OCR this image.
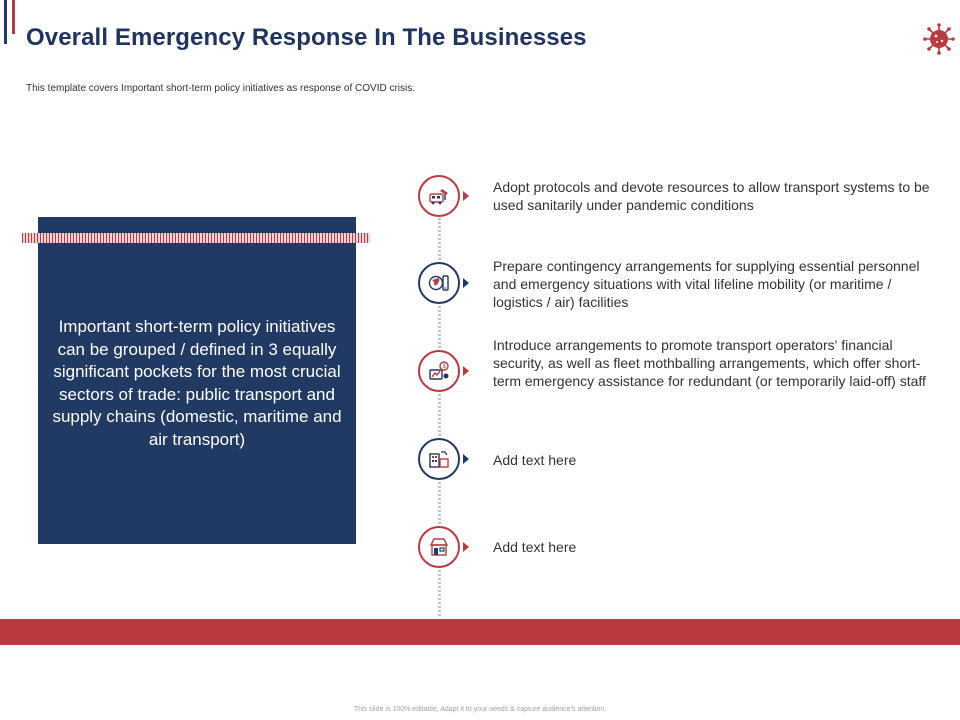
Overall Emergency Response In The Businesses
This template covers Important short-term policy initiatives as response of COVID crisis.
Important short-term policy initiatives can be grouped / defined in 3 equally significant pockets for the most crucial sectors of trade: public transport and supply chains (domestic, maritime and air transport)
Adopt protocols and devote resources to allow transport systems to be used sanitarily under pandemic conditions
Prepare contingency arrangements for supplying essential personnel and emergency situations with vital lifeline mobility (or maritime / logistics / air) facilities
$
Introduce arrangements to promote transport operators' financial security, as well as fleet mothballing arrangements, which offer short-term emergency assistance for redundant (or temporarily laid-off) staff
Add text here
Add text here
This slide is 100% editable. Adapt it to your needs & capture audience's attention.
